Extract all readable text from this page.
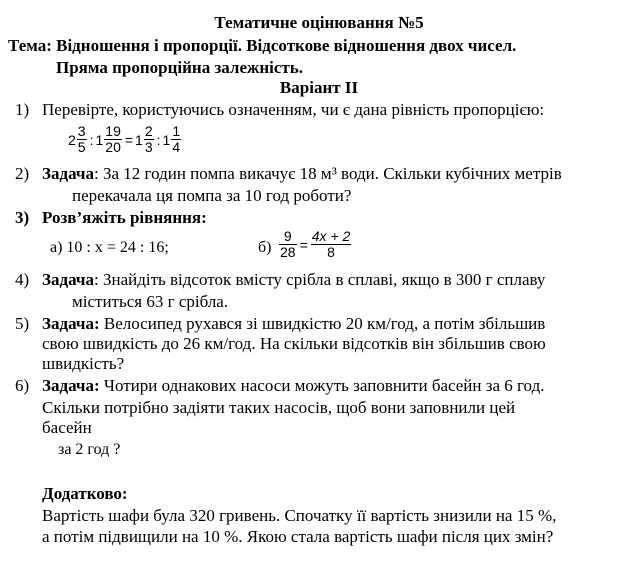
Тематичне оцінювання №5
Тема: Відношення і пропорції. Відсоткове відношення двох чисел.
Пряма пропорційна залежність.
Варіант ІІ
1) Перевірте, користуючись означенням, чи є дана рівність пропорцією:
$2 \frac{3}{5}$ : $1 \frac{19}{20} = 1 \frac{2}{3}$ : $1 \frac{1}{4}$
2) Задача: За 12 годин помпа викачує 18 м³ води. Скільки кубічних метрів
перекачала ця помпа за 10 год роботи?
3) Розв’яжіть рівняння:
а) 10 : x = 24 : 16;	$б) \frac{9}{28} = \frac{4x + 2}{8}$
4) Задача: Знайдіть відсоток вмісту срібла в сплаві, якщо в 300 г сплаву
міститься 63 г срібла.
5) Задача: Велосипед рухався зі швидкістю 20 км/год, а потім збільшив
свою швидкість до 26 км/год. На скільки відсотків він збільшив свою
швидкість?
6) Задача: Чотири однакових насоси можуть заповнити басейн за 6 год.
Скільки потрібно задіяти таких насосів, щоб вони заповнили цей
басейн
за 2 год ?
Додатково:
Вартість шафи була 320 гривень. Спочатку її вартість знизили на 15 %,
а потім підвищили на 10 %. Якою стала вартість шафи після цих змін?
